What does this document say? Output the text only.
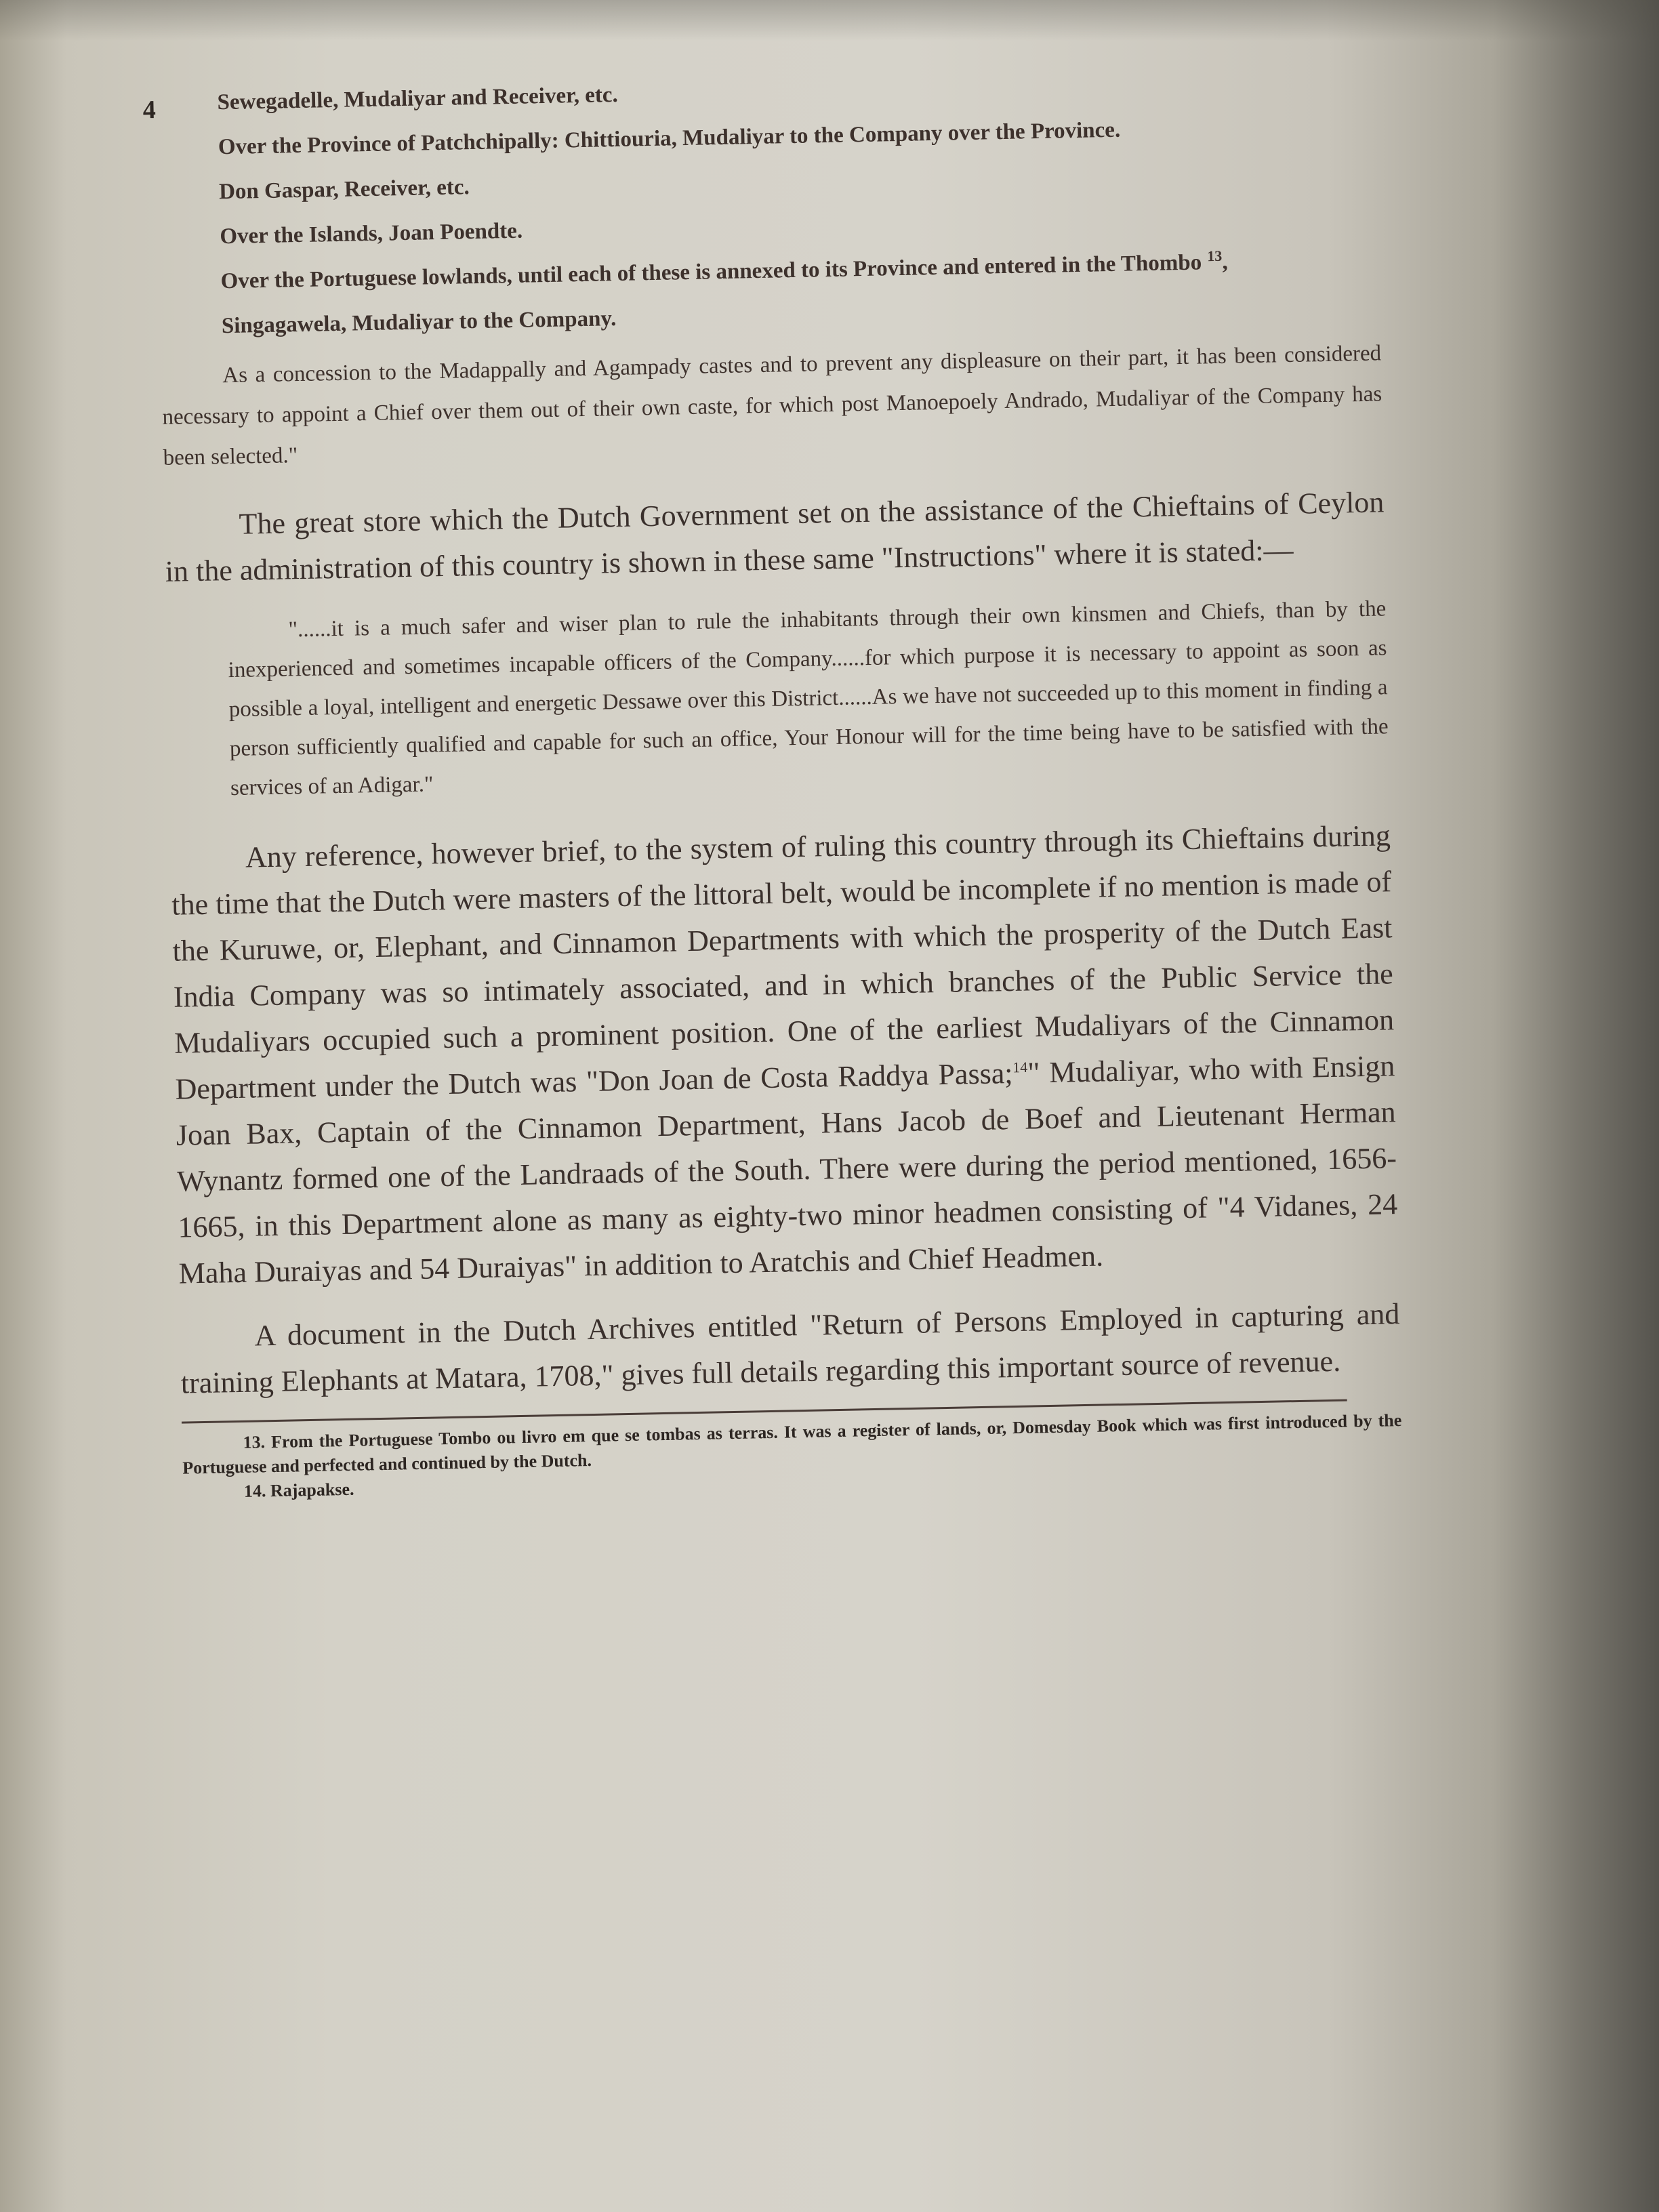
4	Sewegadelle, Mudaliyar and Receiver, etc.

Over the Province of Patchchipally: Chittiouria, Mudaliyar to the Company over the Province.

Don Gaspar, Receiver, etc.

Over the Islands, Joan Poendte.

Over the Portuguese lowlands, until each of these is annexed to its Province and entered in the Thombo $^{13}$,

Singagawela, Mudaliyar to the Company.

As a concession to the Madappally and Agampady castes and to prevent any displeasure on their part, it has been considered necessary to appoint a Chief over them out of their own caste, for which post Manoepoely Andrado, Mudaliyar of the Company has been selected."

The great store which the Dutch Government set on the assistance of the Chieftains of Ceylon in the administration of this country is shown in these same "Instructions" where it is stated:—

"......it is a much safer and wiser plan to rule the inhabitants through their own kinsmen and Chiefs, than by the inexperienced and sometimes incapable officers of the Company......for which purpose it is necessary to appoint as soon as possible a loyal, intelligent and energetic Dessawe over this District......As we have not succeeded up to this moment in finding a person sufficiently qualified and capable for such an office, Your Honour will for the time being have to be satisfied with the services of an Adigar."

Any reference, however brief, to the system of ruling this country through its Chieftains during the time that the Dutch were masters of the littoral belt, would be incomplete if no mention is made of the Kuruwe, or, Elephant, and Cinnamon Departments with which the prosperity of the Dutch East India Company was so intimately associated, and in which branches of the Public Service the Mudaliyars occupied such a prominent position. One of the earliest Mudaliyars of the Cinnamon Department under the Dutch was "Don Joan de Costa Raddya Passa;$^{14}$" Mudaliyar, who with Ensign Joan Bax, Captain of the Cinnamon Department, Hans Jacob de Boef and Lieutenant Herman Wynantz formed one of the Landraads of the South. There were during the period mentioned, 1656-1665, in this Department alone as many as eighty-two minor headmen consisting of "4 Vidanes, 24 Maha Duraiyas and 54 Duraiyas" in addition to Aratchis and Chief Headmen.

A document in the Dutch Archives entitled "Return of Persons Employed in capturing and training Elephants at Matara, 1708," gives full details regarding this important source of revenue.

13. From the Portuguese Tombo ou livro em que se tombas as terras. It was a register of lands, or, Domesday Book which was first introduced by the Portuguese and perfected and continued by the Dutch.

14. Rajapakse.
